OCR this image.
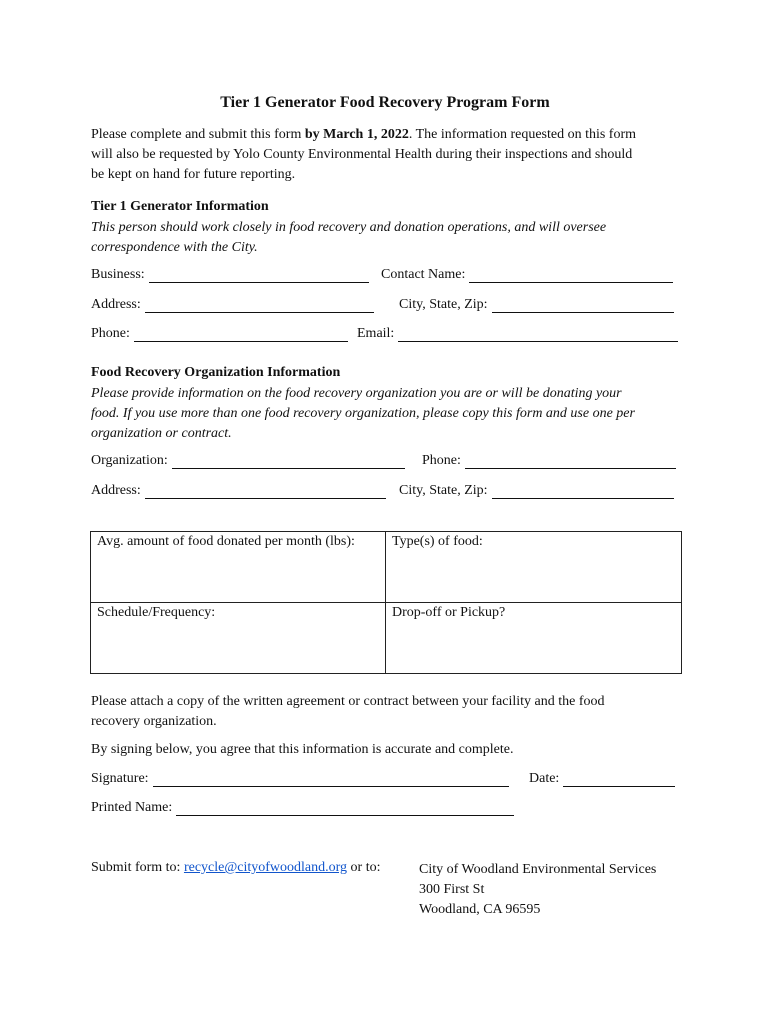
Tier 1 Generator Food Recovery Program Form
Please complete and submit this form by March 1, 2022. The information requested on this form
will also be requested by Yolo County Environmental Health during their inspections and should
be kept on hand for future reporting.
Tier 1 Generator Information
This person should work closely in food recovery and donation operations, and will oversee
correspondence with the City.
Business:	Contact Name:
Address:	City, State, Zip:
Phone:	Email:
Food Recovery Organization Information
Please provide information on the food recovery organization you are or will be donating your
food. If you use more than one food recovery organization, please copy this form and use one per
organization or contract.
Organization:	Phone:
Address:	City, State, Zip:
Avg. amount of food donated per month (lbs):	Type(s) of food:
Schedule/Frequency:	Drop-off or Pickup?
Please attach a copy of the written agreement or contract between your facility and the food
recovery organization.
By signing below, you agree that this information is accurate and complete.
Signature:	Date:
Printed Name:
Submit form to: recycle@cityofwoodland.org or to:	City of Woodland Environmental Services
300 First St
Woodland, CA 96595
